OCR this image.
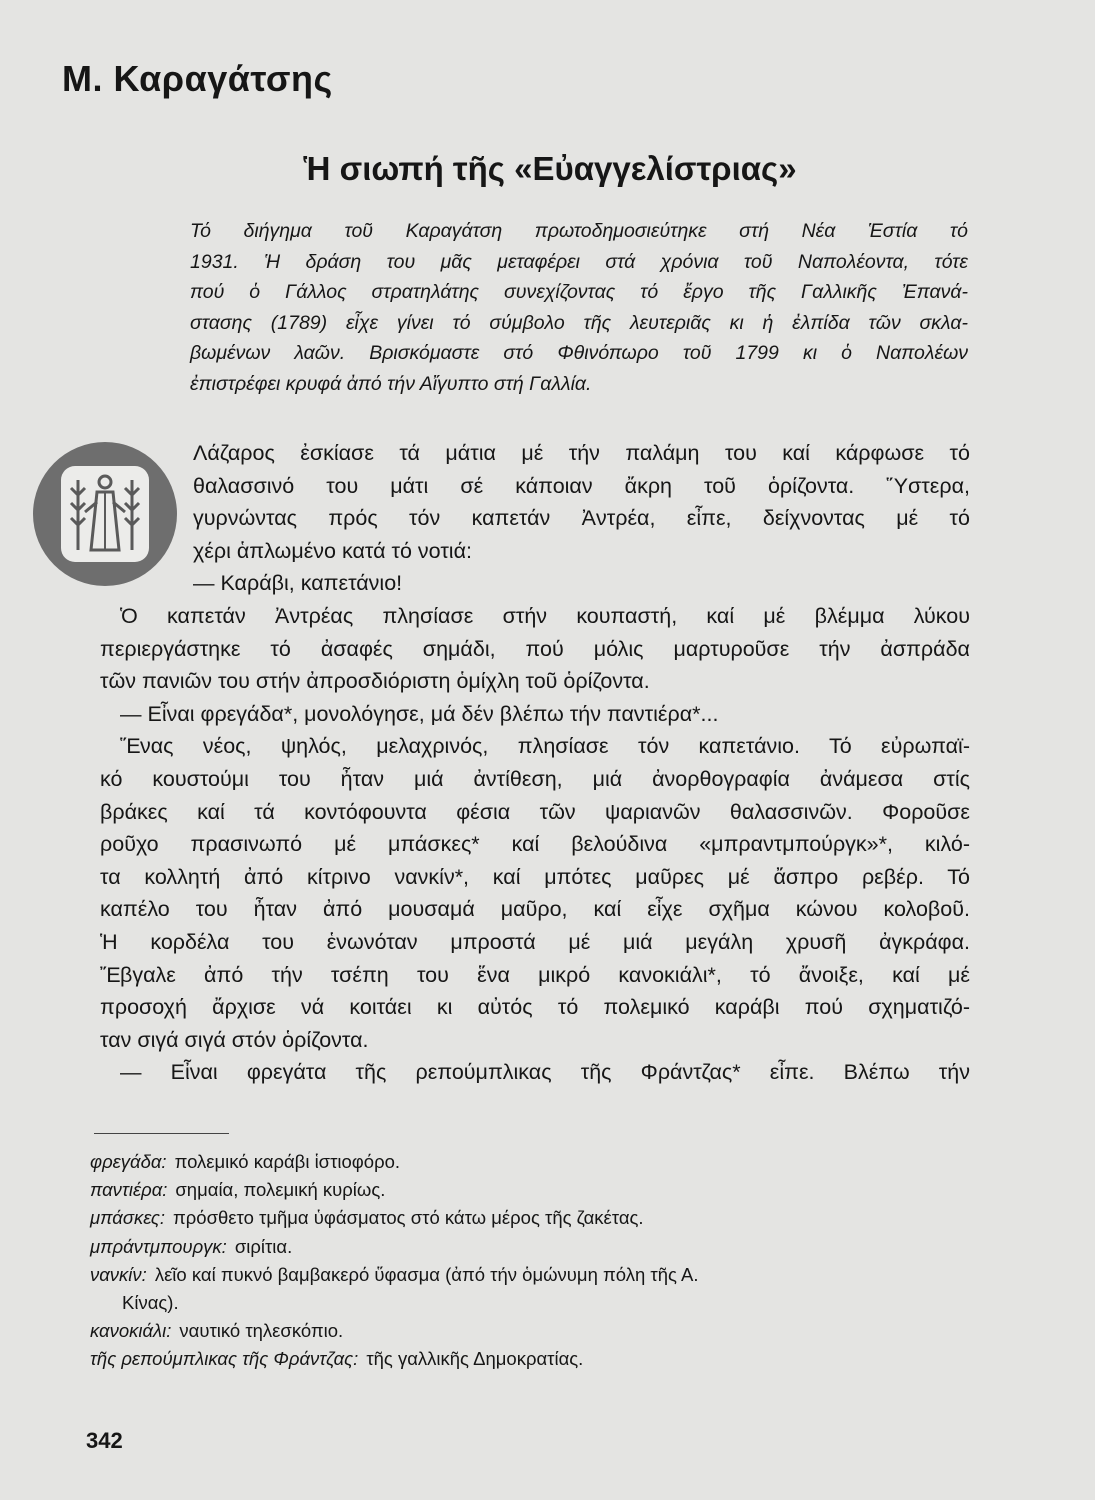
Μ. Καραγάτσης
Ἡ σιωπή τῆς «Εὐαγγελίστριας»
Τό διήγημα τοῦ Καραγάτση πρωτοδημοσιεύτηκε στή Νέα Ἑστία τό
1931. Ἡ δράση του μᾶς μεταφέρει στά χρόνια τοῦ Ναπολέοντα, τότε
πού ὁ Γάλλος στρατηλάτης συνεχίζοντας τό ἔργο τῆς Γαλλικῆς Ἐπανά-
στασης (1789) εἶχε γίνει τό σύμβολο τῆς λευτεριᾶς κι ἡ ἐλπίδα τῶν σκλα-
βωμένων λαῶν. Βρισκόμαστε στό Φθινόπωρο τοῦ 1799 κι ὁ Ναπολέων
ἐπιστρέφει κρυφά ἀπό τήν Αἴγυπτο στή Γαλλία.
Λάζαρος ἐσκίασε τά μάτια μέ τήν παλάμη του καί κάρφωσε τό
θαλασσινό του μάτι σέ κάποιαν ἄκρη τοῦ ὁρίζοντα. Ὕστερα,
γυρνώντας πρός τόν καπετάν Ἀντρέα, εἶπε, δείχνοντας μέ τό
χέρι ἁπλωμένο κατά τό νοτιά:
— Καράβι, καπετάνιο!
Ὁ καπετάν Ἀντρέας πλησίασε στήν κουπαστή, καί μέ βλέμμα λύκου
περιεργάστηκε τό ἀσαφές σημάδι, πού μόλις μαρτυροῦσε τήν ἀσπράδα
τῶν πανιῶν του στήν ἀπροσδιόριστη ὁμίχλη τοῦ ὁρίζοντα.
— Εἶναι φρεγάδα*, μονολόγησε, μά δέν βλέπω τήν παντιέρα*...
Ἕνας νέος, ψηλός, μελαχρινός, πλησίασε τόν καπετάνιο. Τό εὐρωπαϊ-
κό κουστούμι του ἦταν μιά ἀντίθεση, μιά ἀνορθογραφία ἀνάμεσα στίς
βράκες καί τά κοντόφουντα φέσια τῶν ψαριανῶν θαλασσινῶν. Φοροῦσε
ροῦχο πρασινωπό μέ μπάσκες* καί βελούδινα «μπραντμπούργκ»*, κιλό-
τα κολλητή ἀπό κίτρινο νανκίν*, καί μπότες μαῦρες μέ ἄσπρο ρεβέρ. Τό
καπέλο του ἦταν ἀπό μουσαμά μαῦρο, καί εἶχε σχῆμα κώνου κολοβοῦ.
Ἡ κορδέλα του ἑνωνόταν μπροστά μέ μιά μεγάλη χρυσῆ ἀγκράφα.
Ἔβγαλε ἀπό τήν τσέπη του ἕνα μικρό κανοκιάλι*, τό ἄνοιξε, καί μέ
προσοχή ἄρχισε νά κοιτάει κι αὐτός τό πολεμικό καράβι πού σχηματιζό-
ταν σιγά σιγά στόν ὁρίζοντα.
— Εἶναι φρεγάτα τῆς ρεπούμπλικας τῆς Φράντζας* εἶπε. Βλέπω τήν
φρεγάδα: πολεμικό καράβι ἱστιοφόρο.
παντιέρα: σημαία, πολεμική κυρίως.
μπάσκες: πρόσθετο τμῆμα ὑφάσματος στό κάτω μέρος τῆς ζακέτας.
μπράντμπουργκ: σιρίτια.
νανκίν: λεῖο καί πυκνό βαμβακερό ὕφασμα (ἀπό τήν ὁμώνυμη πόλη τῆς Α.
Κίνας).
κανοκιάλι: ναυτικό τηλεσκόπιο.
τῆς ρεπούμπλικας τῆς Φράντζας: τῆς γαλλικῆς Δημοκρατίας.
342
